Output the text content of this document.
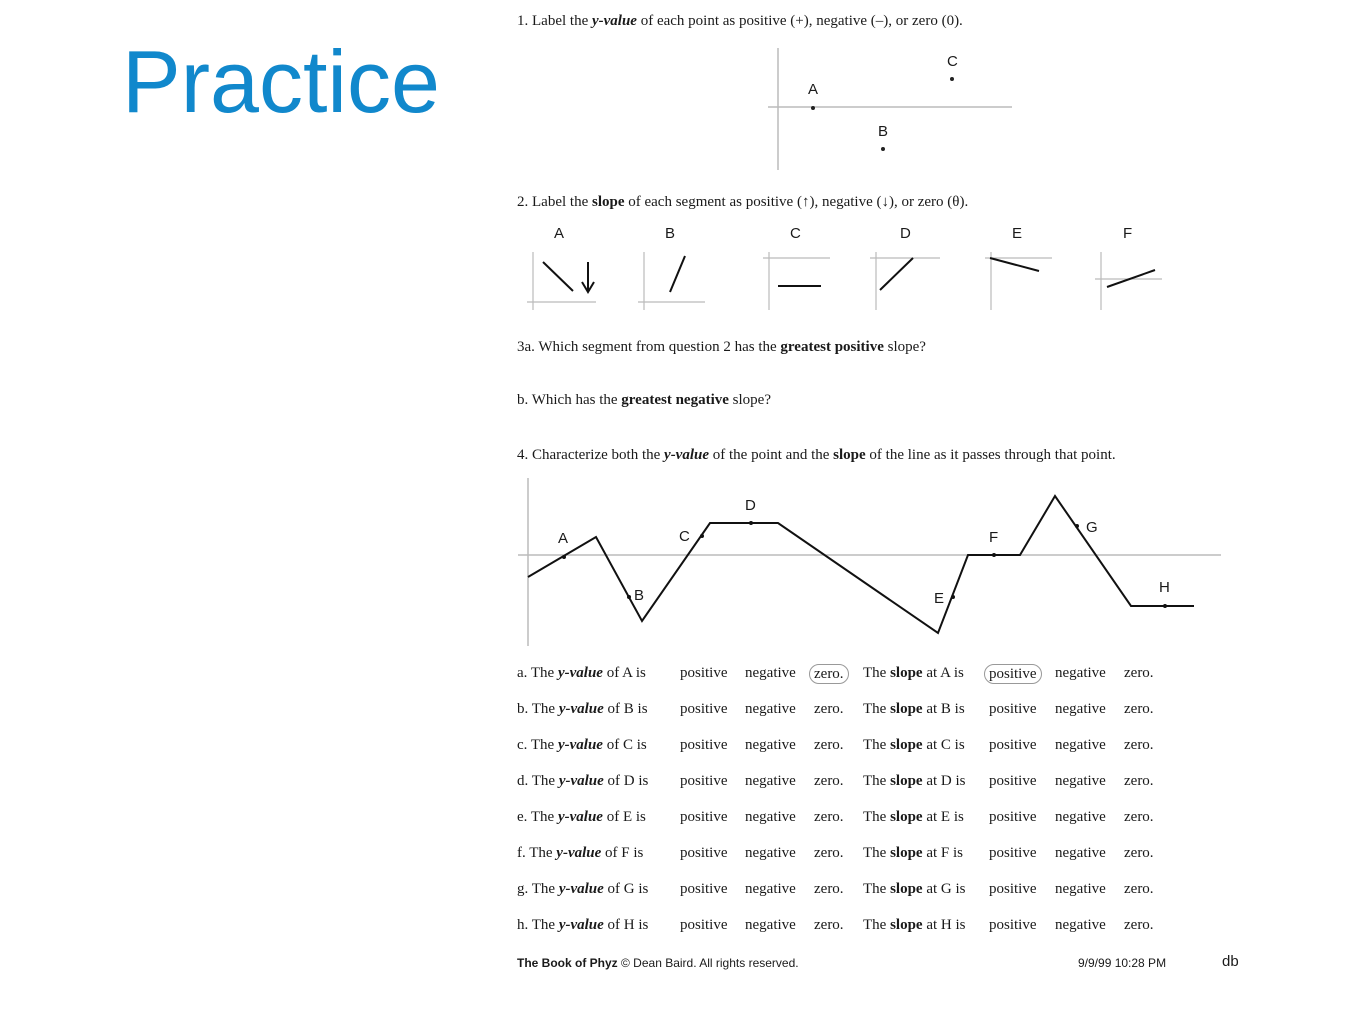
Practice
1. Label the y-value of each point as positive (+), negative (–), or zero (0).
A
B
C
2. Label the slope of each segment as positive (↑), negative (↓), or zero (θ).
A	B	C	D	E	F
3a. Which segment from question 2 has the greatest positive slope?
b. Which has the greatest negative slope?
4. Characterize both the y-value of the point and the slope of the line as it passes through that point.
A
B
C
D
E
F
G
H
a. The y-value of A is positive negative	zero.	The slope at A is	positive	negative zero.
b. The y-value of B is positive negative zero. The slope at B is positive negative zero.
c. The y-value of C is positive negative zero. The slope at C is positive negative zero.
d. The y-value of D is positive negative zero. The slope at D is positive negative zero.
e. The y-value of E is positive negative zero. The slope at E is positive negative zero.
f. The y-value of F is positive negative zero. The slope at F is positive negative zero.
g. The y-value of G is positive negative zero. The slope at G is positive negative zero.
h. The y-value of H is positive negative zero. The slope at H is positive negative zero.
The Book of Phyz © Dean Baird. All rights reserved.	9/9/99 10:28 PM	db
